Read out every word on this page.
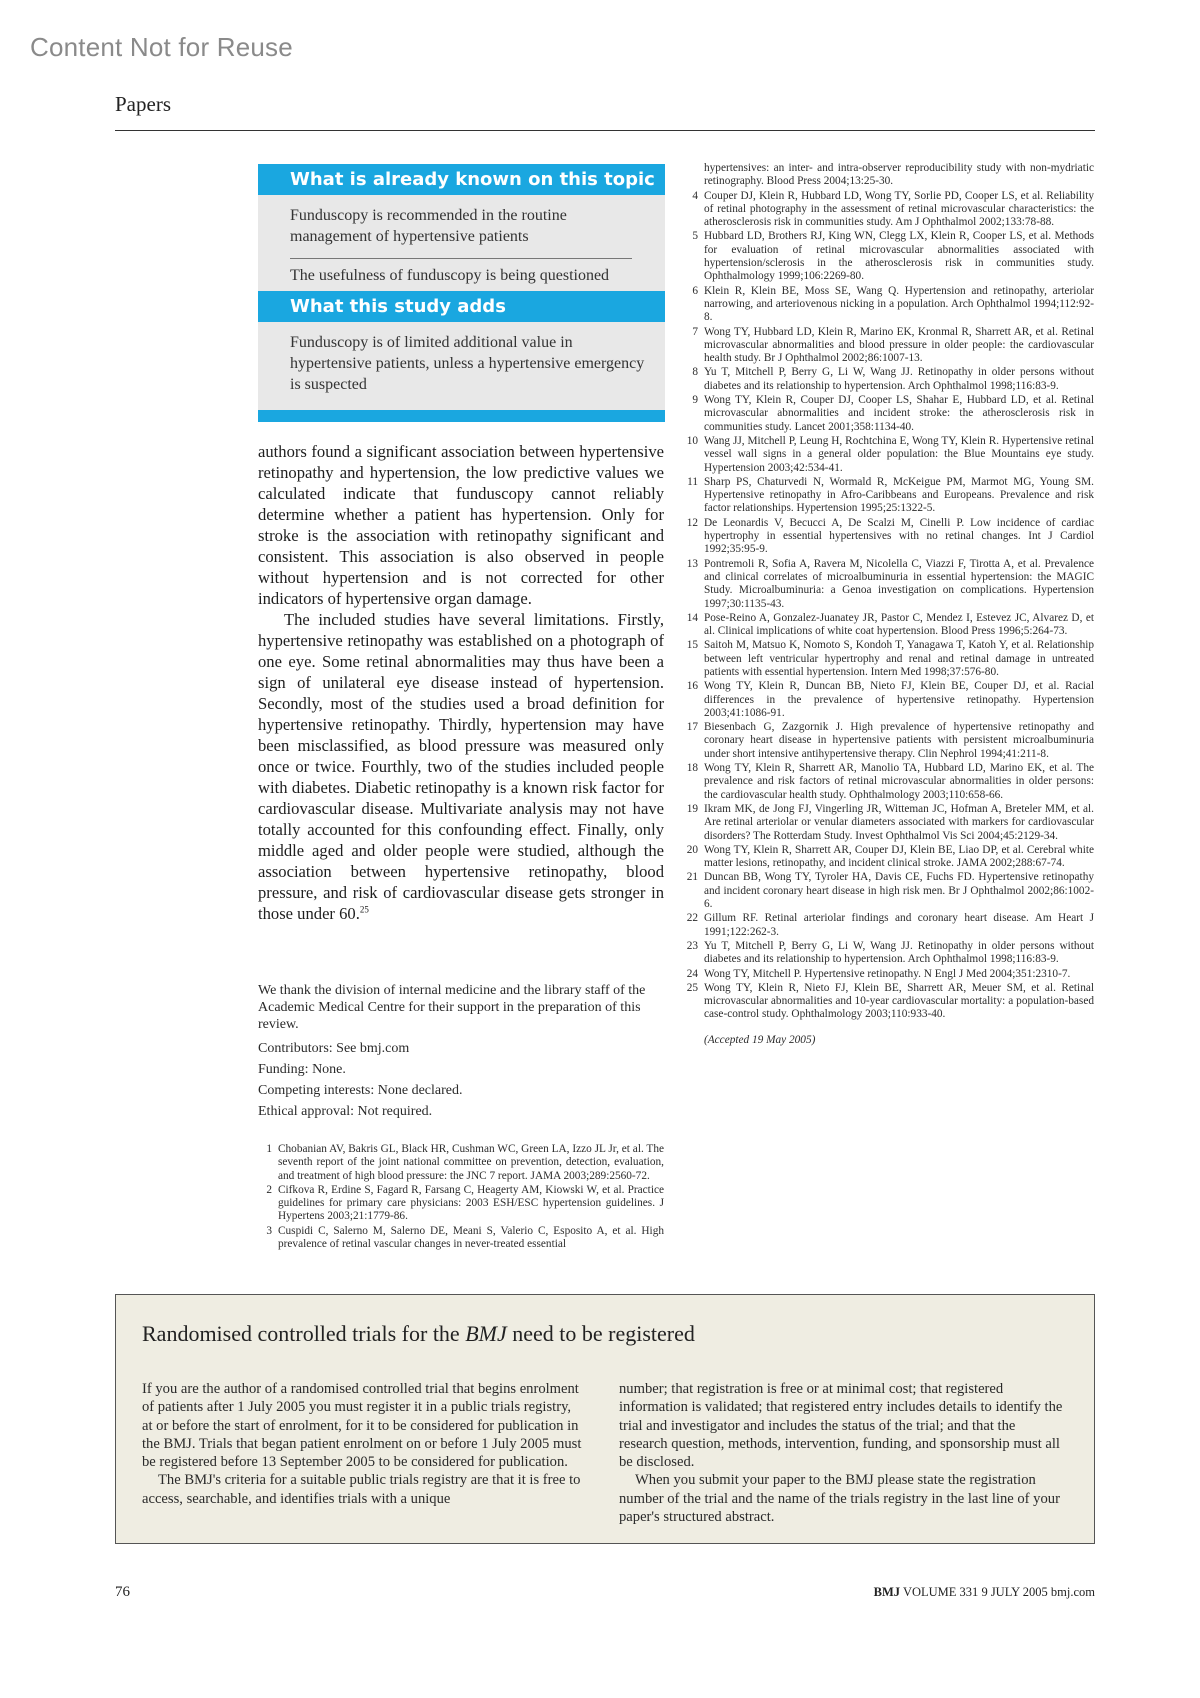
Content Not for Reuse
Papers
What is already known on this topic
Funduscopy is recommended in the routine management of hypertensive patients
The usefulness of funduscopy is being questioned
What this study adds
Funduscopy is of limited additional value in hypertensive patients, unless a hypertensive emergency is suspected

authors found a significant association between hypertensive retinopathy and hypertension, the low predictive values we calculated indicate that funduscopy cannot reliably determine whether a patient has hypertension. Only for stroke is the association with retinopathy significant and consistent. This association is also observed in people without hypertension and is not corrected for other indicators of hypertensive organ damage.

The included studies have several limitations. Firstly, hypertensive retinopathy was established on a photograph of one eye. Some retinal abnormalities may thus have been a sign of unilateral eye disease instead of hypertension. Secondly, most of the studies used a broad definition for hypertensive retinopathy. Thirdly, hypertension may have been misclassified, as blood pressure was measured only once or twice. Fourthly, two of the studies included people with diabetes. Diabetic retinopathy is a known risk factor for cardiovascular disease. Multivariate analysis may not have totally accounted for this confounding effect. Finally, only middle aged and older people were studied, although the association between hypertensive retinopathy, blood pressure, and risk of cardiovascular disease gets stronger in those under 60.25

We thank the division of internal medicine and the library staff of the Academic Medical Centre for their support in the preparation of this review.
Contributors: See bmj.com
Funding: None.
Competing interests: None declared.
Ethical approval: Not required.
1 Chobanian AV, Bakris GL, Black HR, Cushman WC, Green LA, Izzo JL Jr, et al. The seventh report of the joint national committee on prevention, detection, evaluation, and treatment of high blood pressure: the JNC 7 report. JAMA 2003;289:2560-72.
2 Cifkova R, Erdine S, Fagard R, Farsang C, Heagerty AM, Kiowski W, et al. Practice guidelines for primary care physicians: 2003 ESH/ESC hypertension guidelines. J Hypertens 2003;21:1779-86.
3 Cuspidi C, Salerno M, Salerno DE, Meani S, Valerio C, Esposito A, et al. High prevalence of retinal vascular changes in never-treated essential
hypertensives: an inter- and intra-observer reproducibility study with non-mydriatic retinography. Blood Press 2004;13:25-30.
4 Couper DJ, Klein R, Hubbard LD, Wong TY, Sorlie PD, Cooper LS, et al. Reliability of retinal photography in the assessment of retinal microvascular characteristics: the atherosclerosis risk in communities study. Am J Ophthalmol 2002;133:78-88.
5 Hubbard LD, Brothers RJ, King WN, Clegg LX, Klein R, Cooper LS, et al. Methods for evaluation of retinal microvascular abnormalities associated with hypertension/sclerosis in the atherosclerosis risk in communities study. Ophthalmology 1999;106:2269-80.
6 Klein R, Klein BE, Moss SE, Wang Q. Hypertension and retinopathy, arteriolar narrowing, and arteriovenous nicking in a population. Arch Ophthalmol 1994;112:92-8.
7 Wong TY, Hubbard LD, Klein R, Marino EK, Kronmal R, Sharrett AR, et al. Retinal microvascular abnormalities and blood pressure in older people: the cardiovascular health study. Br J Ophthalmol 2002;86:1007-13.
8 Yu T, Mitchell P, Berry G, Li W, Wang JJ. Retinopathy in older persons without diabetes and its relationship to hypertension. Arch Ophthalmol 1998;116:83-9.
9 Wong TY, Klein R, Couper DJ, Cooper LS, Shahar E, Hubbard LD, et al. Retinal microvascular abnormalities and incident stroke: the atherosclerosis risk in communities study. Lancet 2001;358:1134-40.
10 Wang JJ, Mitchell P, Leung H, Rochtchina E, Wong TY, Klein R. Hypertensive retinal vessel wall signs in a general older population: the Blue Mountains eye study. Hypertension 2003;42:534-41.
11 Sharp PS, Chaturvedi N, Wormald R, McKeigue PM, Marmot MG, Young SM. Hypertensive retinopathy in Afro-Caribbeans and Europeans. Prevalence and risk factor relationships. Hypertension 1995;25:1322-5.
12 De Leonardis V, Becucci A, De Scalzi M, Cinelli P. Low incidence of cardiac hypertrophy in essential hypertensives with no retinal changes. Int J Cardiol 1992;35:95-9.
13 Pontremoli R, Sofia A, Ravera M, Nicolella C, Viazzi F, Tirotta A, et al. Prevalence and clinical correlates of microalbuminuria in essential hypertension: the MAGIC Study. Microalbuminuria: a Genoa investigation on complications. Hypertension 1997;30:1135-43.
14 Pose-Reino A, Gonzalez-Juanatey JR, Pastor C, Mendez I, Estevez JC, Alvarez D, et al. Clinical implications of white coat hypertension. Blood Press 1996;5:264-73.
15 Saitoh M, Matsuo K, Nomoto S, Kondoh T, Yanagawa T, Katoh Y, et al. Relationship between left ventricular hypertrophy and renal and retinal damage in untreated patients with essential hypertension. Intern Med 1998;37:576-80.
16 Wong TY, Klein R, Duncan BB, Nieto FJ, Klein BE, Couper DJ, et al. Racial differences in the prevalence of hypertensive retinopathy. Hypertension 2003;41:1086-91.
17 Biesenbach G, Zazgornik J. High prevalence of hypertensive retinopathy and coronary heart disease in hypertensive patients with persistent microalbuminuria under short intensive antihypertensive therapy. Clin Nephrol 1994;41:211-8.
18 Wong TY, Klein R, Sharrett AR, Manolio TA, Hubbard LD, Marino EK, et al. The prevalence and risk factors of retinal microvascular abnormalities in older persons: the cardiovascular health study. Ophthalmology 2003;110:658-66.
19 Ikram MK, de Jong FJ, Vingerling JR, Witteman JC, Hofman A, Breteler MM, et al. Are retinal arteriolar or venular diameters associated with markers for cardiovascular disorders? The Rotterdam Study. Invest Ophthalmol Vis Sci 2004;45:2129-34.
20 Wong TY, Klein R, Sharrett AR, Couper DJ, Klein BE, Liao DP, et al. Cerebral white matter lesions, retinopathy, and incident clinical stroke. JAMA 2002;288:67-74.
21 Duncan BB, Wong TY, Tyroler HA, Davis CE, Fuchs FD. Hypertensive retinopathy and incident coronary heart disease in high risk men. Br J Ophthalmol 2002;86:1002-6.
22 Gillum RF. Retinal arteriolar findings and coronary heart disease. Am Heart J 1991;122:262-3.
23 Yu T, Mitchell P, Berry G, Li W, Wang JJ. Retinopathy in older persons without diabetes and its relationship to hypertension. Arch Ophthalmol 1998;116:83-9.
24 Wong TY, Mitchell P. Hypertensive retinopathy. N Engl J Med 2004;351:2310-7.
25 Wong TY, Klein R, Nieto FJ, Klein BE, Sharrett AR, Meuer SM, et al. Retinal microvascular abnormalities and 10-year cardiovascular mortality: a population-based case-control study. Ophthalmology 2003;110:933-40.
(Accepted 19 May 2005)
Randomised controlled trials for the BMJ need to be registered

If you are the author of a randomised controlled trial that begins enrolment of patients after 1 July 2005 you must register it in a public trials registry, at or before the start of enrolment, for it to be considered for publication in the BMJ. Trials that began patient enrolment on or before 1 July 2005 must be registered before 13 September 2005 to be considered for publication.

The BMJ's criteria for a suitable public trials registry are that it is free to access, searchable, and identifies trials with a unique

number; that registration is free or at minimal cost; that registered information is validated; that registered entry includes details to identify the trial and investigator and includes the status of the trial; and that the research question, methods, intervention, funding, and sponsorship must all be disclosed.

When you submit your paper to the BMJ please state the registration number of the trial and the name of the trials registry in the last line of your paper's structured abstract.

76	BMJ VOLUME 331 9 JULY 2005 bmj.com
